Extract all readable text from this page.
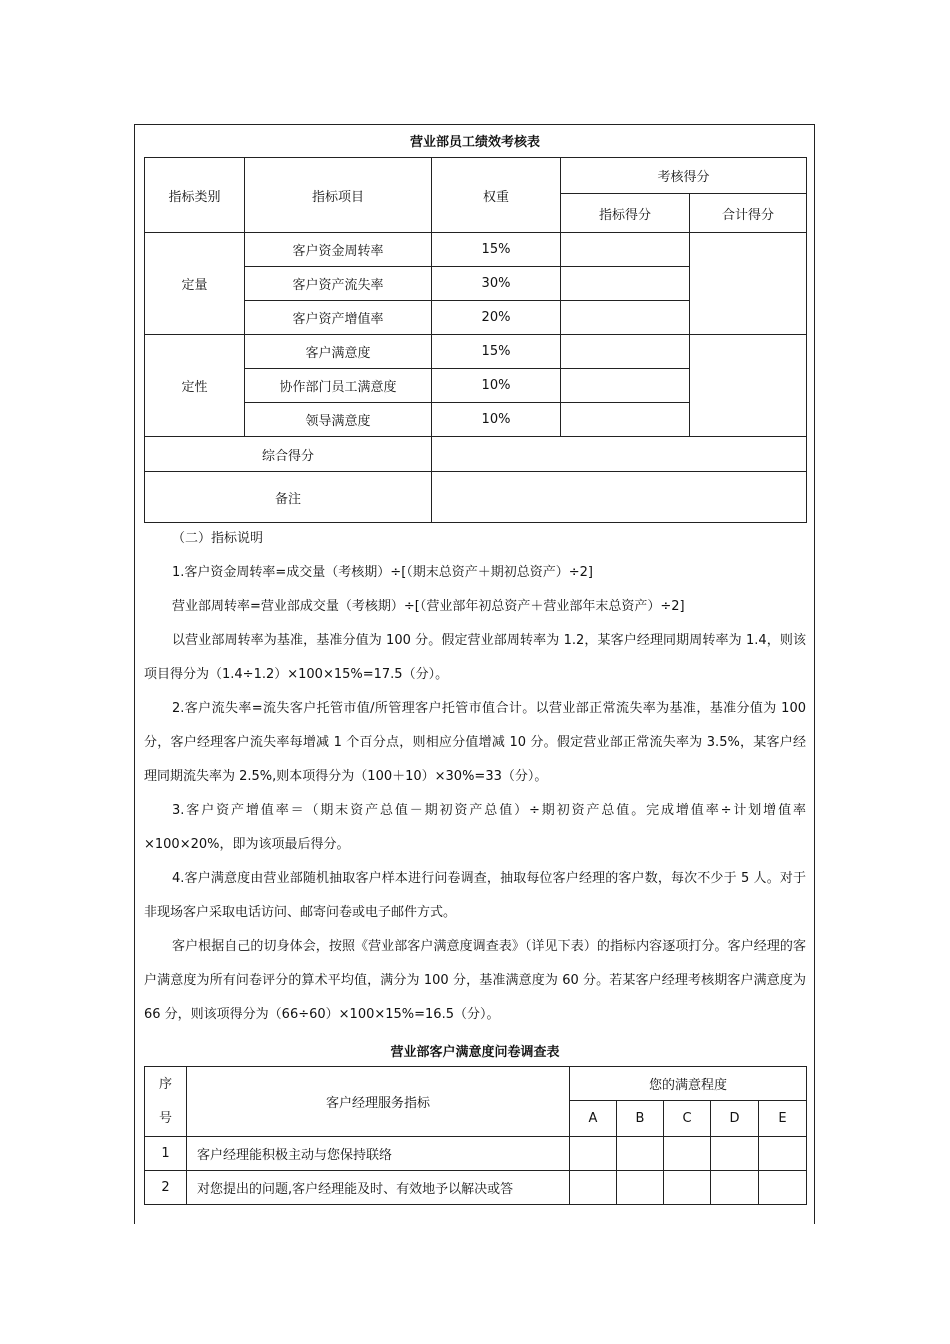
营业部员工绩效考核表
指标类别	指标项目	权重	考核得分	
			指标得分	合计得分
定量	客户资金周转率	15%		
	客户资产流失率	30%		
	客户资产增值率	20%		
定性	客户满意度	15%		
	协作部门员工满意度	10%		
	领导满意度	10%		
综合得分				
备注				

（二）指标说明

1.客户资金周转率=成交量（考核期）÷[（期末总资产＋期初总资产）÷2]

营业部周转率=营业部成交量（考核期）÷[（营业部年初总资产＋营业部年末总资产）÷2]

以营业部周转率为基准，基准分值为 100 分。假定营业部周转率为 1.2，某客户经理同期周转率为 1.4，则该项目得分为（1.4÷1.2）×100×15%=17.5（分）。

2.客户流失率=流失客户托管市值/所管理客户托管市值合计。以营业部正常流失率为基准，基准分值为 100 分，客户经理客户流失率每增减 1 个百分点，则相应分值增减 10 分。假定营业部正常流失率为 3.5%，某客户经理同期流失率为 2.5%,则本项得分为（100＋10）×30%=33（分）。

3.客户资产增值率＝（期末资产总值－期初资产总值）÷期初资产总值。完成增值率÷计划增值率×100×20%，即为该项最后得分。

4.客户满意度由营业部随机抽取客户样本进行问卷调查，抽取每位客户经理的客户数，每次不少于 5 人。对于非现场客户采取电话访问、邮寄问卷或电子邮件方式。

客户根据自己的切身体会，按照《营业部客户满意度调查表》（详见下表）的指标内容逐项打分。客户经理的客户满意度为所有问卷评分的算术平均值，满分为 100 分，基准满意度为 60 分。若某客户经理考核期客户满意度为 66 分，则该项得分为（66÷60）×100×15%=16.5（分）。

营业部客户满意度问卷调查表
序
号	客户经理服务指标	您的满意程度				
		A	B	C	D	E
1	客户经理能积极主动与您保持联络					
2	对您提出的问题,客户经理能及时、有效地予以解决或答					
